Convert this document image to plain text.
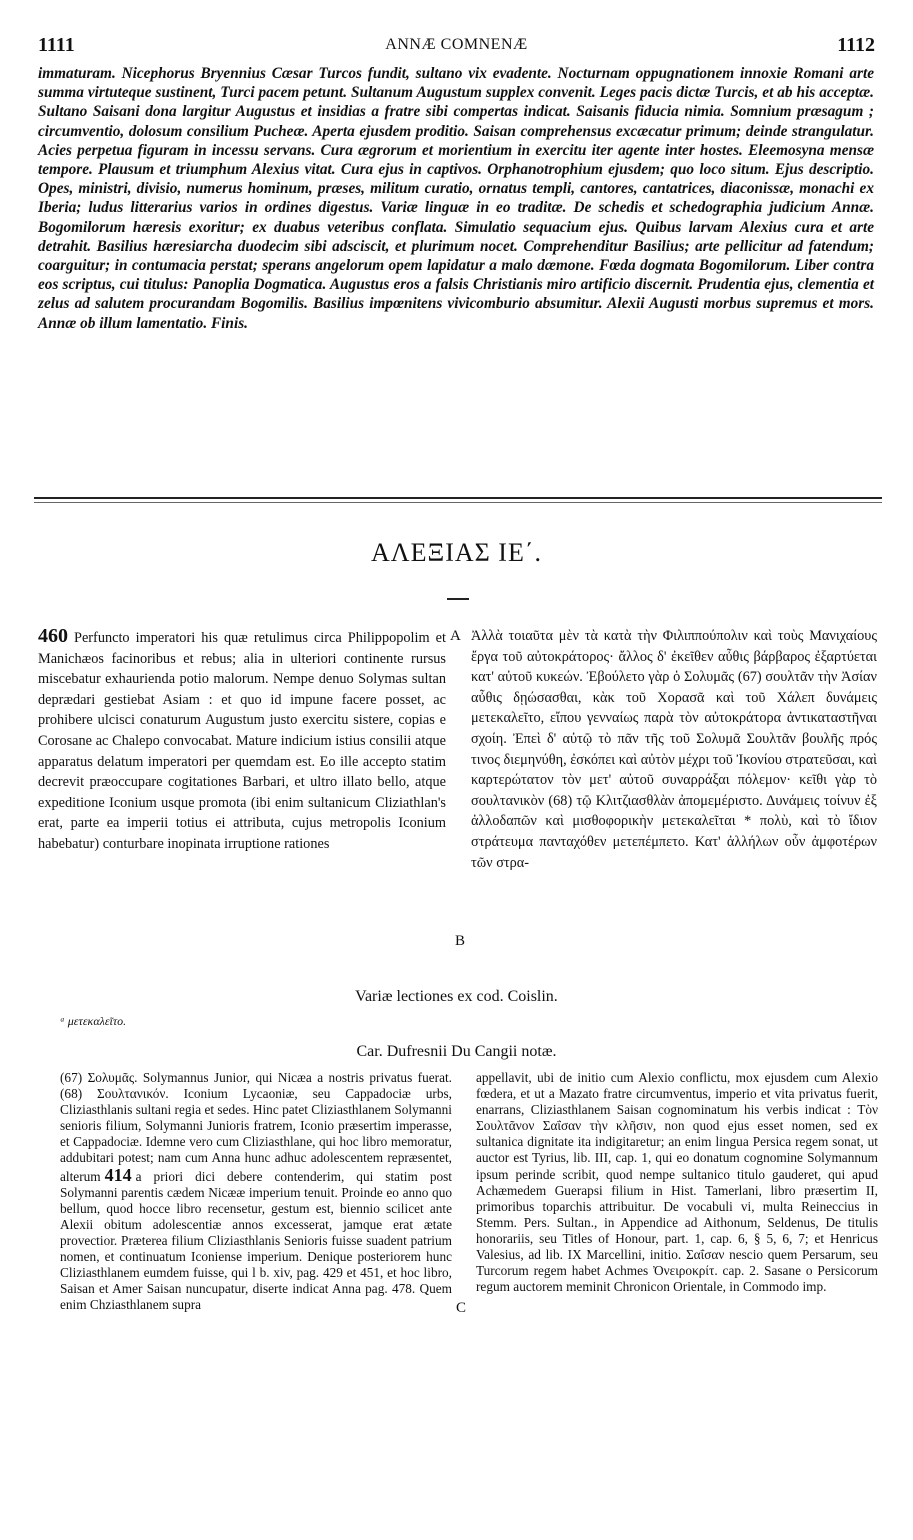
1111	ANNÆ COMNENÆ	1112

immaturam. Nicephorus Bryennius Cæsar Turcos fundit, sultano vix evadente. Nocturnam oppugnationem innoxie Romani arte summa virtuteque sustinent, Turci pacem petunt. Sultanum Augustum supplex convenit. Leges pacis dictæ Turcis, et ab his acceptæ. Sultano Saisani dona largitur Augustus et insidias a fratre sibi compertas indicat. Saisanis fiducia nimia. Somnium præsagum ; circumventio, dolosum consilium Pucheæ. Aperta ejusdem proditio. Saisan comprehensus excæcatur primum; deinde strangulatur. Acies perpetua figuram in incessu servans. Cura ægrorum et morientium in exercitu iter agente inter hostes. Eleemosyna mensæ tempore. Plausum et triumphum Alexius vitat. Cura ejus in captivos. Orphanotrophium ejusdem; quo loco situm. Ejus descriptio. Opes, ministri, divisio, numerus hominum, præses, militum curatio, ornatus templi, cantores, cantatrices, diaconissæ, monachi ex Iberia; ludus litterarius varios in ordines digestus. Variæ linguæ in eo traditæ. De schedis et schedographia judicium Annæ. Bogomilorum hæresis exoritur; ex duabus veteribus conflata. Simulatio sequacium ejus. Quibus larvam Alexius cura et arte detrahit. Basilius hæresiarcha duodecim sibi adsciscit, et plurimum nocet. Comprehenditur Basilius; arte pellicitur ad fatendum; coarguitur; in contumacia perstat; sperans angelorum opem lapidatur a malo dæmone. Fœda dogmata Bogomilorum. Liber contra eos scriptus, cui titulus: Panoplia Dogmatica. Augustus eros a falsis Christianis miro artificio discernit. Prudentia ejus, clementia et zelus ad salutem procurandam Bogomilis. Basilius impœnitens vivicomburio absumitur. Alexii Augusti morbus supremus et mors. Annæ ob illum lamentatio. Finis.

ΑΛΕΞΙΑΣ ΙΕ΄.

460 Perfuncto imperatori his quæ retulimus circa Philippopolim et Manichæos facinoribus et rebus; alia in ulteriori continente rursus miscebatur exhaurienda potio malorum. Nempe denuo Solymas sultan deprædari gestiebat Asiam : et quo id impune facere posset, ac prohibere ulcisci conaturum Augustum justo exercitu sistere, copias e Corosane ac Chalepo convocabat. Mature indicium istius consilii atque apparatus delatum imperatori per quemdam est. Eo ille accepto statim decrevit præoccupare cogitationes Barbari, et ultro illato bello, atque expeditione Iconium usque promota (ibi enim sultanicum Cliziathlan's erat, parte ea imperii totius ei attributa, cujus metropolis Iconium habebatur) conturbare inopinata irruptione rationes

A
B

Ἀλλὰ τοιαῦτα μὲν τὰ κατὰ τὴν Φιλιππούπολιν καὶ τοὺς Μανιχαίους ἔργα τοῦ αὐτοκράτορος· ἄλλος δ' ἐκεῖθεν αὖθις βάρβαρος ἐξαρτύεται κατ' αὐτοῦ κυκεών. Ἐβούλετο γὰρ ὁ Σολυμᾶς (67) σουλτᾶν τὴν Ἀσίαν αὖθις δῃώσασθαι, κὰκ τοῦ Χορασᾶ καὶ τοῦ Χάλεπ δυνάμεις μετεκαλεῖτο, εἴπου γενναίως παρὰ τὸν αὐτοκράτορα ἀντικαταστῆναι σχοίη. Ἐπεὶ δ' αὐτῷ τὸ πᾶν τῆς τοῦ Σολυμᾶ Σουλτᾶν βουλῆς πρός τινος διεμηνύθη, ἐσκόπει καὶ αὐτὸν μέχρι τοῦ Ἰκονίου στρατεῦσαι, καὶ καρτερώτατον τὸν μετ' αὐτοῦ συναρράξαι πόλεμον· κεῖθι γὰρ τὸ σουλτανικὸν (68) τῷ Κλιτζιασθλὰν ἀπομεμέριστο. Δυνάμεις τοίνυν ἐξ ἀλλοδαπῶν καὶ μισθοφορικὴν μετεκαλεῖται * πολὺ, καὶ τὸ ἴδιον στράτευμα πανταχόθεν μετεπέμπετο. Κατ' ἀλλήλων οὖν ἀμφοτέρων τῶν στρα-

Variæ lectiones ex cod. Coislin.
ᵃ μετεκαλεῖτο.
Car. Dufresnii Du Cangii notæ.

(67) Σολυμᾶς. Solymannus Junior, qui Nicæa a nostris privatus fuerat. (68) Σουλτανικόν. Iconium Lycaoniæ, seu Cappadociæ urbs, Cliziasthlanis sultani regia et sedes. Hinc patet Cliziasthlanem Solymanni senioris filium, Solymanni Junioris fratrem, Iconio præsertim imperasse, et Cappadociæ. Idemne vero cum Cliziasthlane, qui hoc libro memoratur, addubitari potest; nam cum Anna hunc adhuc adolescentem repræsentet, alterum 414 a priori dici debere contenderim, qui statim post Solymanni parentis cædem Nicææ imperium tenuit. Proinde eo anno quo bellum, quod hocce libro recensetur, gestum est, biennio scilicet ante Alexii obitum adolescentiæ annos excesserat, jamque erat ætate provectior. Præterea filium Cliziasthlanis Senioris fuisse suadent patrium nomen, et continuatum Iconiense imperium. Denique posteriorem hunc Cliziasthlanem eumdem fuisse, qui l b. xiv, pag. 429 et 451, et hoc libro, Saisan et Amer Saisan nuncupatur, diserte indicat Anna pag. 478. Quem enim Chziasthlanem supra	C

appellavit, ubi de initio cum Alexio conflictu, mox ejusdem cum Alexio fœdera, et ut a Mazato fratre circumventus, imperio et vita privatus fuerit, enarrans, Cliziasthlanem Saisan cognominatum his verbis indicat : Τὸν Σουλτᾶνον Σαΐσαν τὴν κλῆσιν, non quod ejus esset nomen, sed ex sultanica dignitate ita indigitaretur; an enim lingua Persica regem sonat, ut auctor est Tyrius, lib. III, cap. 1, qui eo donatum cognomine Solymannum ipsum perinde scribit, quod nempe sultanico titulo gauderet, qui apud Achæmedem Guerapsi filium in Hist. Tamerlani, libro præsertim II, primoribus toparchis attribuitur. De vocabuli vi, multa Reineccius in Stemm. Pers. Sultan., in Appendice ad Aithonum, Seldenus, De titulis honorariis, seu Titles of Honour, part. 1, cap. 6, § 5, 6, 7; et Henricus Valesius, ad lib. IX Marcellini, initio. Σαΐσαν nescio quem Persarum, seu Turcorum regem habet Achmes Ὀνειροκρίτ. cap. 2. Sasane o Persicorum regum auctorem meminit Chronicon Orientale, in Commodo imp.
